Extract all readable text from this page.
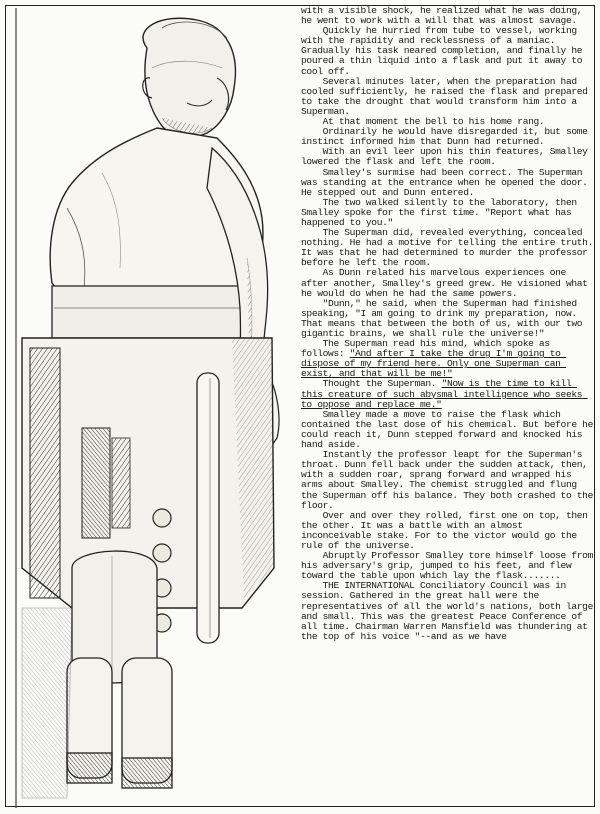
with a visible shock, he realized what he was doing, he went to work with a will that was almost savage.

Quickly he hurried from tube to vessel, working with the rapidity and recklessness of a maniac. Gradually his task neared completion, and finally he poured a thin liquid into a flask and put it away to cool off.

Several minutes later, when the preparation had cooled sufficiently, he raised the flask and prepared to take the drought that would transform him into a Superman.

At that moment the bell to his home rang.

Ordinarily he would have disregarded it, but some instinct informed him that Dunn had returned.

With an evil leer upon his thin features, Smalley lowered the flask and left the room.

Smalley's surmise had been correct. The Superman was standing at the entrance when he opened the door. He stepped out and Dunn entered.

The two walked silently to the laboratory, then Smalley spoke for the first time. "Report what has happened to you."

The Superman did, revealed everything, concealed nothing. He had a motive for telling the entire truth. It was that he had determined to murder the professor before he left the room.

As Dunn related his marvelous experiences one after another, Smalley's greed grew. He visioned what he would do when he had the same powers.

"Dunn," he said, when the Superman had finished speaking, "I am going to drink my preparation, now. That means that between the both of us, with our two gigantic brains, we shall rule the universe!"

The Superman read his mind, which spoke as follows: "And after I take the drug I'm going to dispose of my friend here. Only one Superman can exist, and that will be me!"

Thought the Superman. "Now is the time to kill this creature of such abysmal intelligence who seeks to oppose and replace me."

Smalley made a move to raise the flask which contained the last dose of his chemical. But before he could reach it, Dunn stepped forward and knocked his hand aside.

Instantly the professor leapt for the Superman's throat. Dunn fell back under the sudden attack, then, with a sudden roar, sprang forward and wrapped his arms about Smalley. The chemist struggled and flung the Superman off his balance. They both crashed to the floor.

Over and over they rolled, first one on top, then the other. It was a battle with an almost inconceivable stake. For to the victor would go the rule of the universe.

Abruptly Professor Smalley tore himself loose from his adversary's grip, jumped to his feet, and flew toward the table upon which lay the flask.......

THE INTERNATIONAL Conciliatory Council was in session. Gathered in the great hall were the representatives of all the world's nations, both large and small. This was the greatest Peace Conference of all time. Chairman Warren Mansfield was thundering at the top of his voice "--and as we have
